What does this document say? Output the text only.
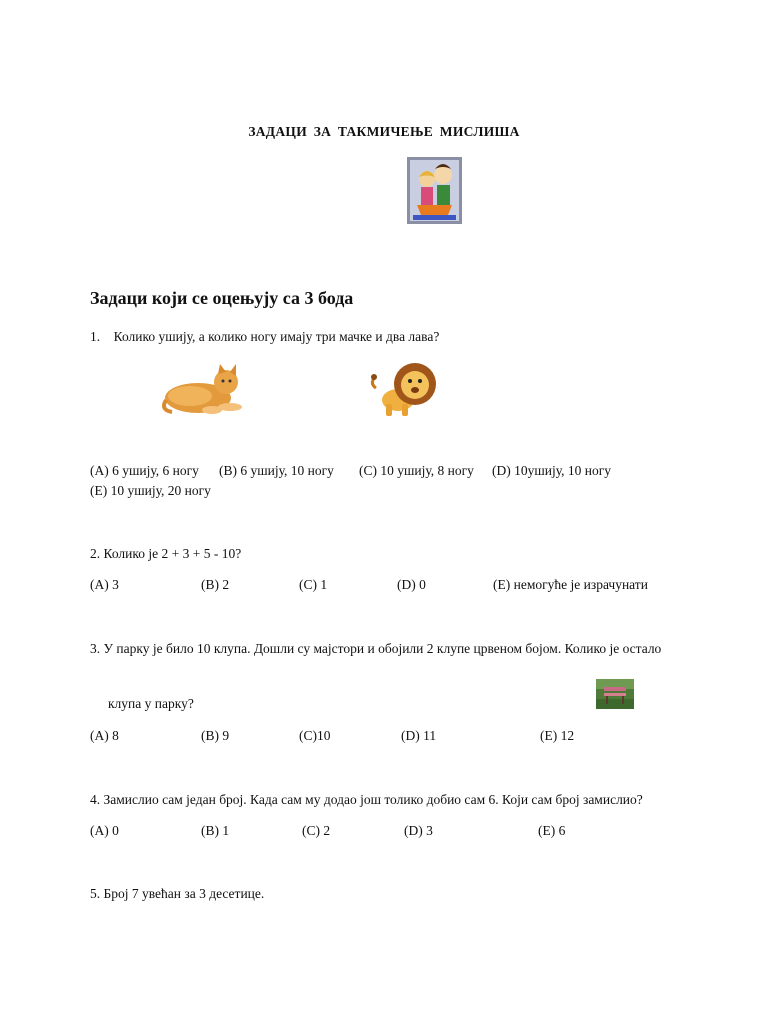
ЗАДАЦИ ЗА ТАКМИЧЕЊЕ МИСЛИША
Задаци који се оцењују са 3 бода
1.    Колико ушију, а колико ногу имају три мачке и два лава?
(A) 6 ушију, 6 ногу (B) 6 ушију, 10 ногу (C) 10 ушију, 8 ногу (D) 10ушију, 10 ногу
(E) 10 ушију, 20 ногу
2. Колико је 2 + 3 + 5 - 10?
(A) 3	(B) 2	(C) 1	(D) 0	(E) немогуће је израчунати
3. У парку је било 10 клупа. Дошли су мајстори и обојили 2 клупе црвеном бојом. Колико је остало
клупа у парку?
(A) 8	(B) 9	(C)10	(D) 11	(E) 12
4. Замислио сам један број. Када сам му додао још толико добио сам 6. Који сам број замислио?
(A) 0	(B) 1	(C) 2	(D) 3	(E) 6
5. Број 7 увећан за 3 десетице.
